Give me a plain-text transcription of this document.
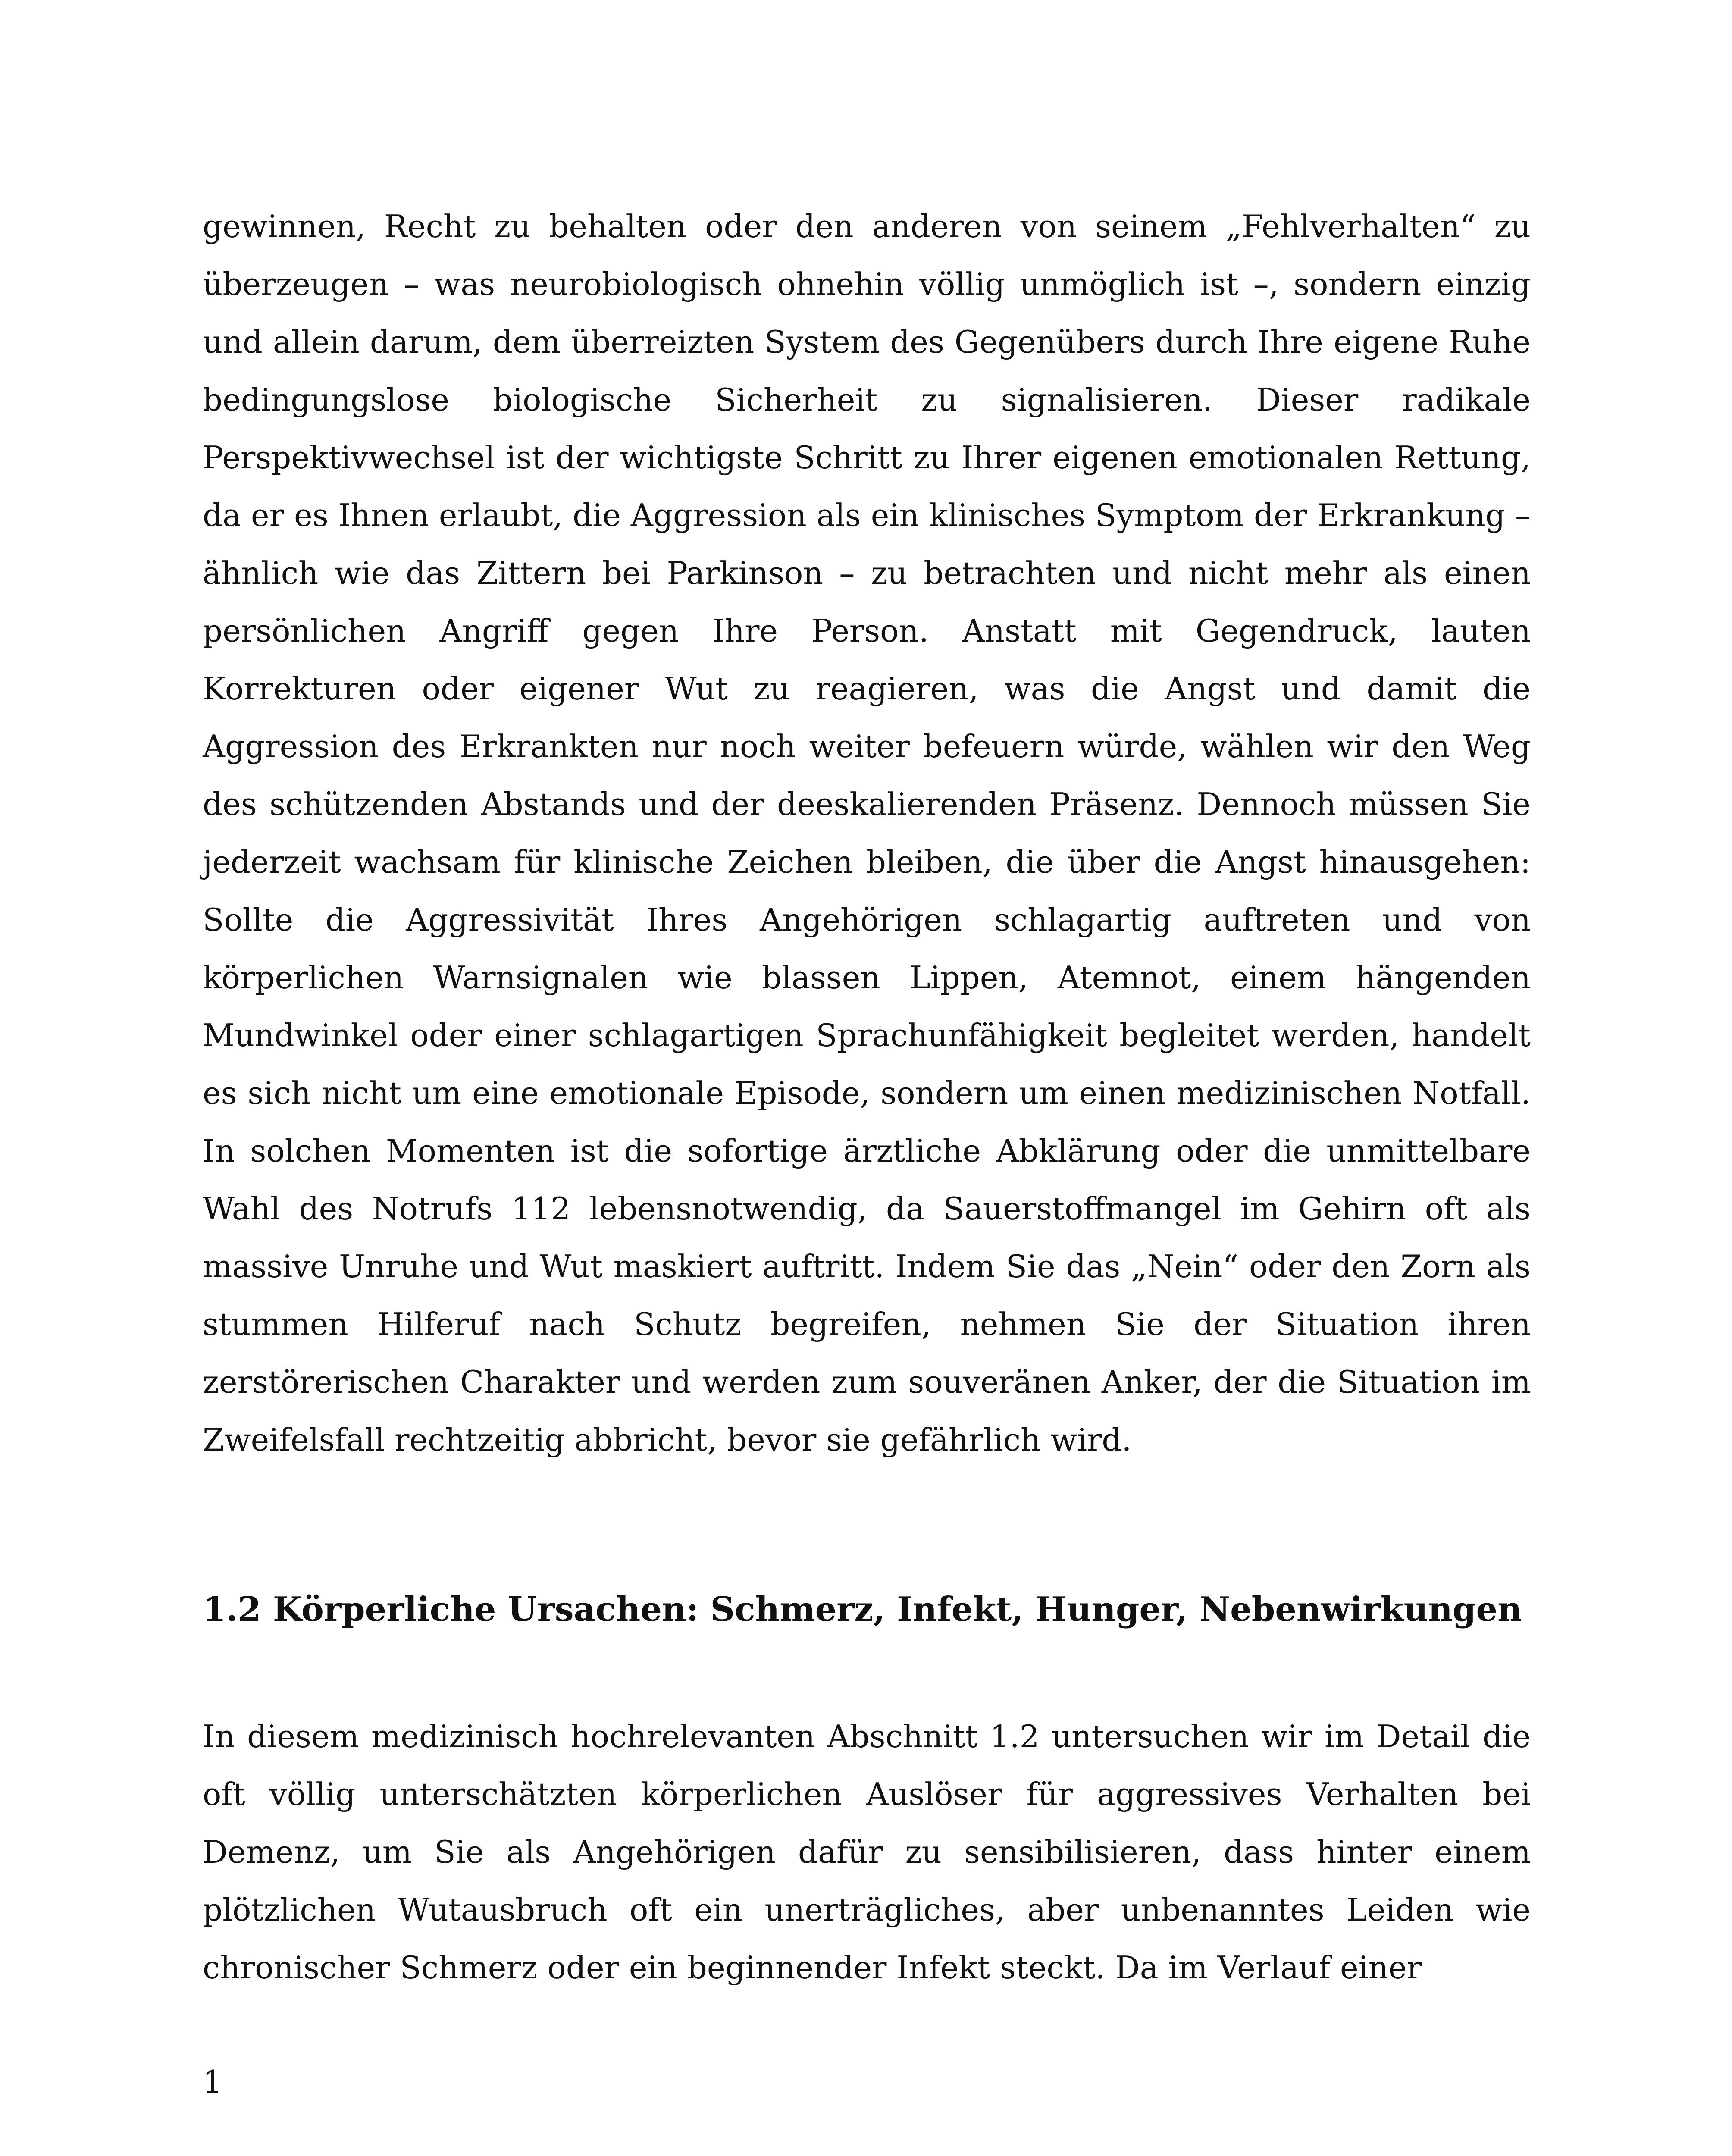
gewinnen, Recht zu behalten oder den anderen von seinem „Fehlverhalten“ zu überzeugen – was neurobiologisch ohnehin völlig unmöglich ist –, sondern einzig und allein darum, dem überreizten System des Gegenübers durch Ihre eigene Ruhe bedingungslose biologische Sicherheit zu signalisieren. Dieser radikale Perspektivwechsel ist der wichtigste Schritt zu Ihrer eigenen emotionalen Rettung, da er es Ihnen erlaubt, die Aggression als ein klinisches Symptom der Erkrankung – ähnlich wie das Zittern bei Parkinson – zu betrachten und nicht mehr als einen persönlichen Angriff gegen Ihre Person. Anstatt mit Gegendruck, lauten Korrekturen oder eigener Wut zu reagieren, was die Angst und damit die Aggression des Erkrankten nur noch weiter befeuern würde, wählen wir den Weg des schützenden Abstands und der deeskalierenden Präsenz. Dennoch müssen Sie jederzeit wachsam für klinische Zeichen bleiben, die über die Angst hinausgehen: Sollte die Aggressivität Ihres Angehörigen schlagartig auftreten und von körperlichen Warnsignalen wie blassen Lippen, Atemnot, einem hängenden Mundwinkel oder einer schlagartigen Sprachunfähigkeit begleitet werden, handelt es sich nicht um eine emotionale Episode, sondern um einen medizinischen Notfall. In solchen Momenten ist die sofortige ärztliche Abklärung oder die unmittelbare Wahl des Notrufs 112 lebensnotwendig, da Sauerstoffmangel im Gehirn oft als massive Unruhe und Wut maskiert auftritt. Indem Sie das „Nein“ oder den Zorn als stummen Hilferuf nach Schutz begreifen, nehmen Sie der Situation ihren zerstörerischen Charakter und werden zum souveränen Anker, der die Situation im Zweifelsfall rechtzeitig abbricht, bevor sie gefährlich wird.

1.2 Körperliche Ursachen: Schmerz, Infekt, Hunger, Nebenwirkungen

In diesem medizinisch hochrelevanten Abschnitt 1.2 untersuchen wir im Detail die oft völlig unterschätzten körperlichen Auslöser für aggressives Verhalten bei Demenz, um Sie als Angehörigen dafür zu sensibilisieren, dass hinter einem plötzlichen Wutausbruch oft ein unerträgliches, aber unbenanntes Leiden wie chronischer Schmerz oder ein beginnender Infekt steckt. Da im Verlauf einer

1
